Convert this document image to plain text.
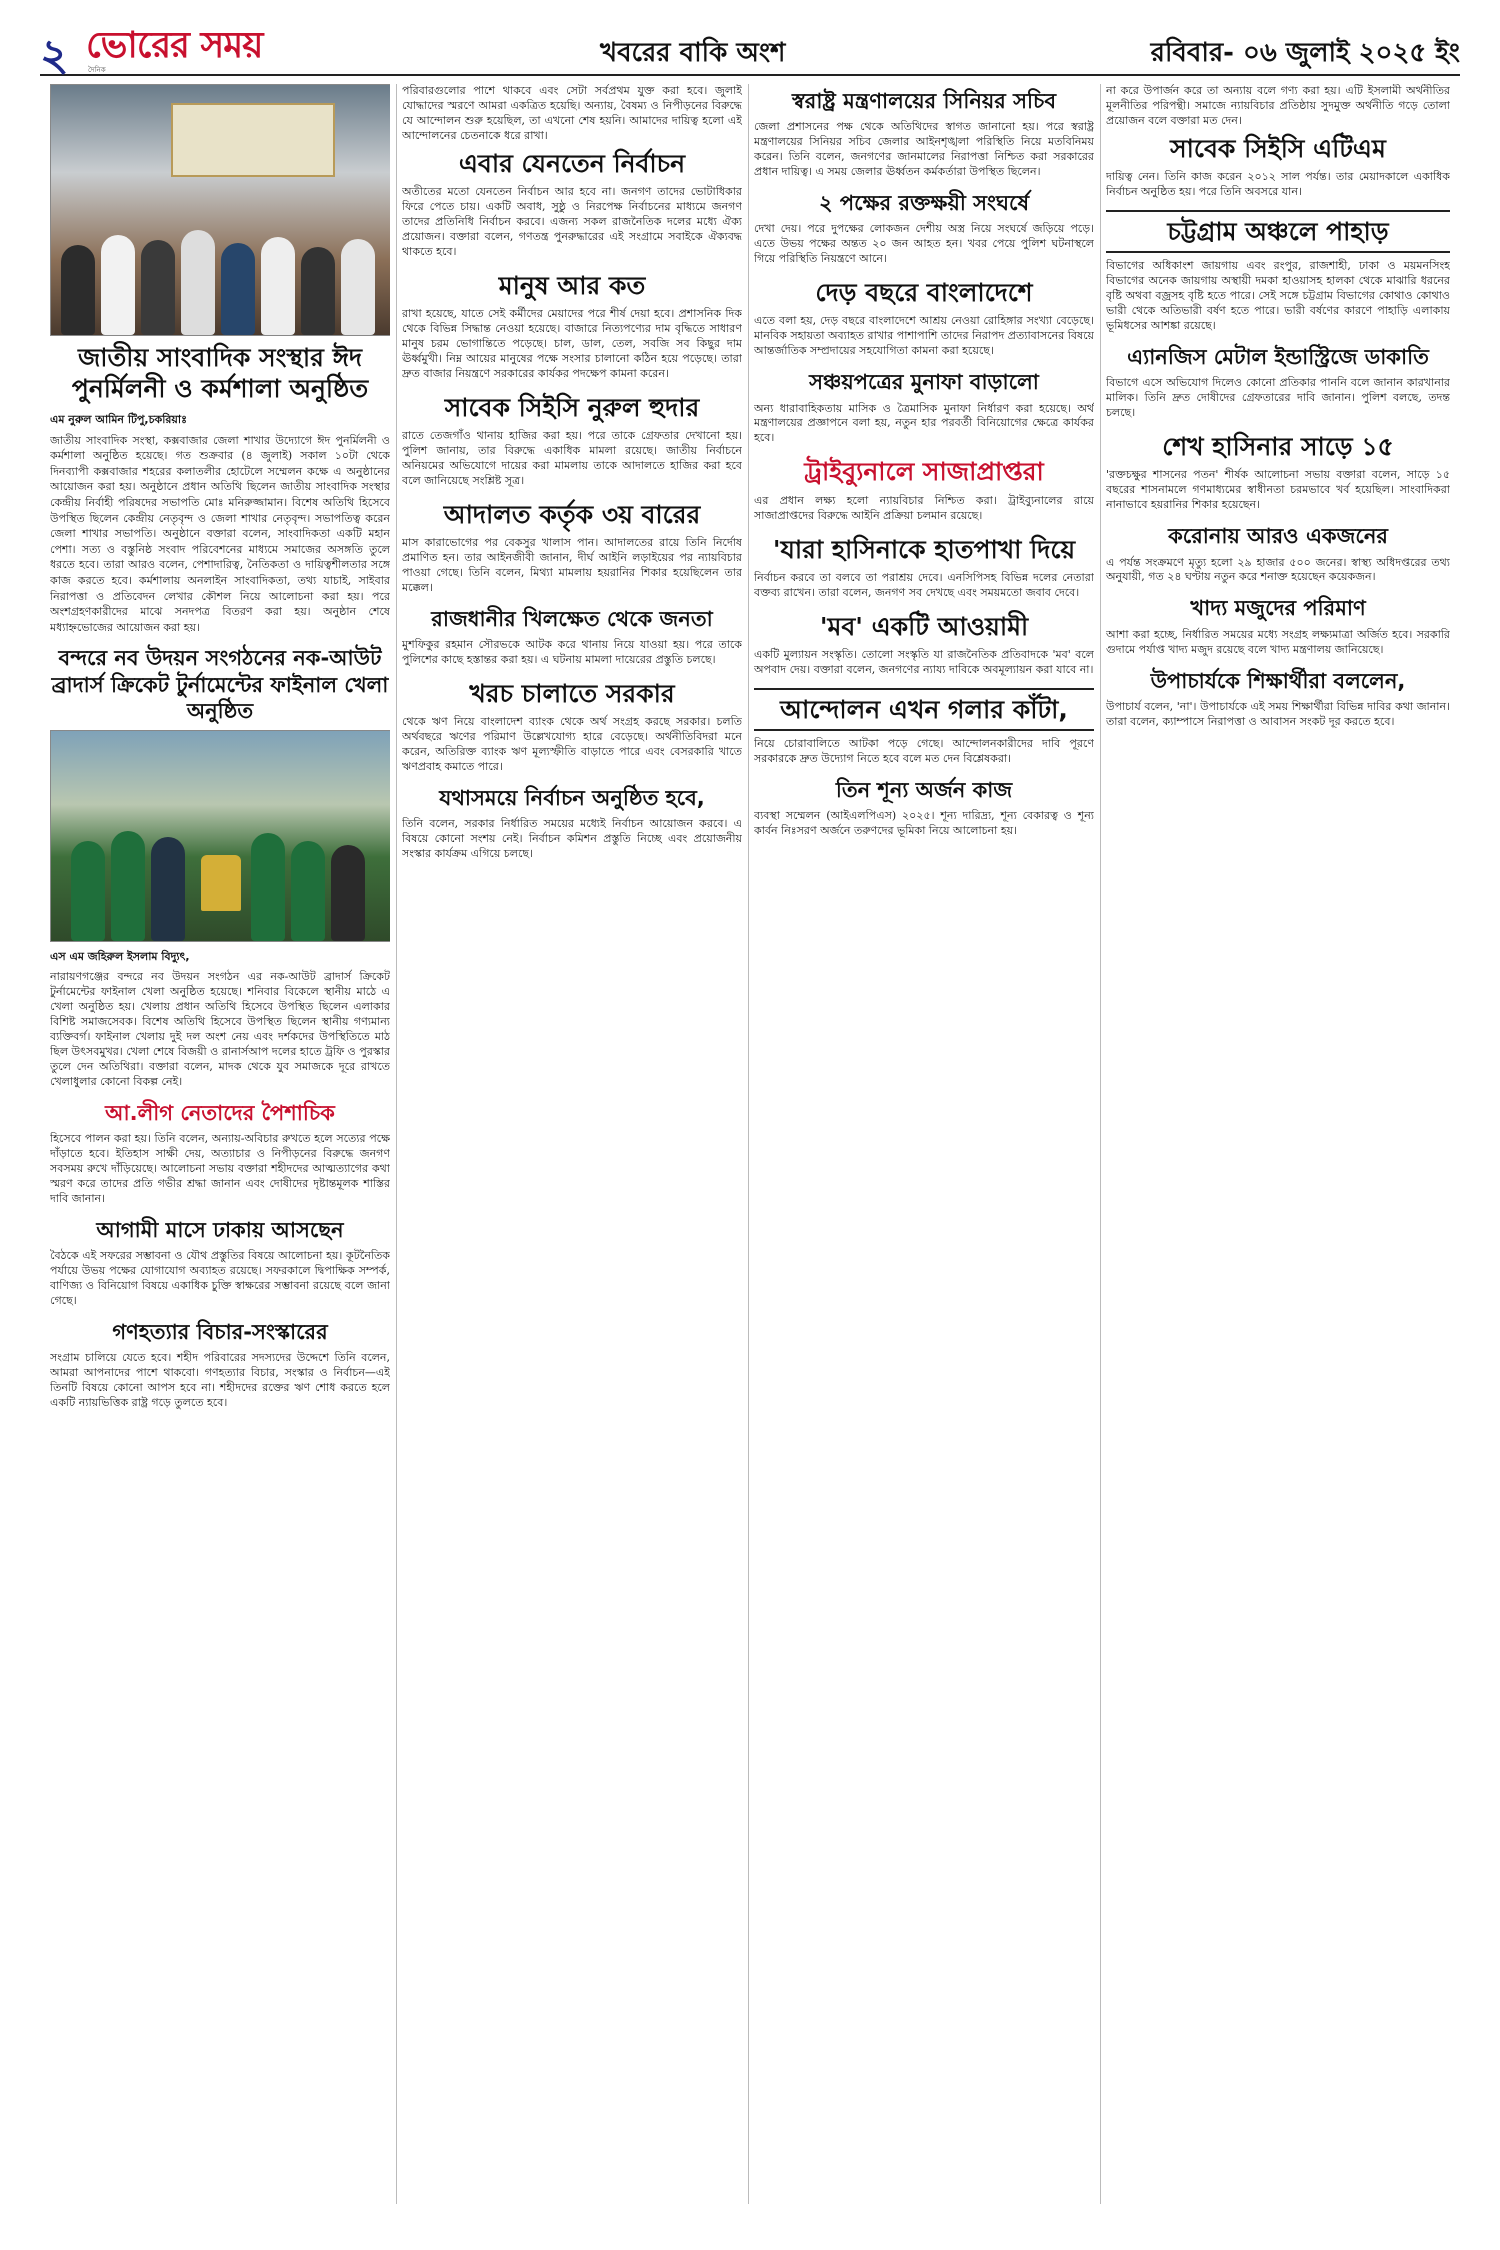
২ ভোরের সময়
দৈনিক
খবরের বাকি অংশ	রবিবার- ০৬ জুলাই ২০২৫ ইং
জাতীয় সাংবাদিক সংস্থার ঈদ পুনর্মিলনী ও কর্মশালা অনুষ্ঠিত
এম নুরুল আমিন টিপু,চকরিয়াঃ

জাতীয় সাংবাদিক সংস্থা, কক্সবাজার জেলা শাখার উদ্যোগে ঈদ পুনর্মিলনী ও কর্মশালা অনুষ্ঠিত হয়েছে। গত শুক্রবার (৪ জুলাই) সকাল ১০টা থেকে দিনব্যাপী কক্সবাজার শহরের কলাতলীর হোটেলে সম্মেলন কক্ষে এ অনুষ্ঠানের আয়োজন করা হয়। অনুষ্ঠানে প্রধান অতিথি ছিলেন জাতীয় সাংবাদিক সংস্থার কেন্দ্রীয় নির্বাহী পরিষদের সভাপতি মোঃ মনিরুজ্জামান। বিশেষ অতিথি হিসেবে উপস্থিত ছিলেন কেন্দ্রীয় নেতৃবৃন্দ ও জেলা শাখার নেতৃবৃন্দ। সভাপতিত্ব করেন জেলা শাখার সভাপতি। অনুষ্ঠানে বক্তারা বলেন, সাংবাদিকতা একটি মহান পেশা। সত্য ও বস্তুনিষ্ঠ সংবাদ পরিবেশনের মাধ্যমে সমাজের অসঙ্গতি তুলে ধরতে হবে। তারা আরও বলেন, পেশাদারিত্ব, নৈতিকতা ও দায়িত্বশীলতার সঙ্গে কাজ করতে হবে। কর্মশালায় অনলাইন সাংবাদিকতা, তথ্য যাচাই, সাইবার নিরাপত্তা ও প্রতিবেদন লেখার কৌশল নিয়ে আলোচনা করা হয়। পরে অংশগ্রহণকারীদের মাঝে সনদপত্র বিতরণ করা হয়। অনুষ্ঠান শেষে মধ্যাহ্নভোজের আয়োজন করা হয়।

বন্দরে নব উদয়ন সংগঠনের নক-আউট ব্রাদার্স ক্রিকেট টুর্নামেন্টের ফাইনাল খেলা অনুষ্ঠিত
এস এম জহিরুল ইসলাম বিদ্যুৎ,

নারায়ণগঞ্জের বন্দরে নব উদয়ন সংগঠন এর নক-আউট ব্রাদার্স ক্রিকেট টুর্নামেন্টের ফাইনাল খেলা অনুষ্ঠিত হয়েছে। শনিবার বিকেলে স্থানীয় মাঠে এ খেলা অনুষ্ঠিত হয়। খেলায় প্রধান অতিথি হিসেবে উপস্থিত ছিলেন এলাকার বিশিষ্ট সমাজসেবক। বিশেষ অতিথি হিসেবে উপস্থিত ছিলেন স্থানীয় গণ্যমান্য ব্যক্তিবর্গ। ফাইনাল খেলায় দুই দল অংশ নেয় এবং দর্শকদের উপস্থিতিতে মাঠ ছিল উৎসবমুখর। খেলা শেষে বিজয়ী ও রানার্সআপ দলের হাতে ট্রফি ও পুরস্কার তুলে দেন অতিথিরা। বক্তারা বলেন, মাদক থেকে যুব সমাজকে দূরে রাখতে খেলাধুলার কোনো বিকল্প নেই।

আ.লীগ নেতাদের পৈশাচিক

হিসেবে পালন করা হয়। তিনি বলেন, অন্যায়-অবিচার রুখতে হলে সত্যের পক্ষে দাঁড়াতে হবে। ইতিহাস সাক্ষী দেয়, অত্যাচার ও নিপীড়নের বিরুদ্ধে জনগণ সবসময় রুখে দাঁড়িয়েছে। আলোচনা সভায় বক্তারা শহীদদের আত্মত্যাগের কথা স্মরণ করে তাদের প্রতি গভীর শ্রদ্ধা জানান এবং দোষীদের দৃষ্টান্তমূলক শাস্তির দাবি জানান।

আগামী মাসে ঢাকায় আসছেন

বৈঠকে এই সফরের সম্ভাবনা ও যৌথ প্রস্তুতির বিষয়ে আলোচনা হয়। কূটনৈতিক পর্যায়ে উভয় পক্ষের যোগাযোগ অব্যাহত রয়েছে। সফরকালে দ্বিপাক্ষিক সম্পর্ক, বাণিজ্য ও বিনিয়োগ বিষয়ে একাধিক চুক্তি স্বাক্ষরের সম্ভাবনা রয়েছে বলে জানা গেছে।

গণহত্যার বিচার-সংস্কারের

সংগ্রাম চালিয়ে যেতে হবে। শহীদ পরিবারের সদস্যদের উদ্দেশে তিনি বলেন, আমরা আপনাদের পাশে থাকবো। গণহত্যার বিচার, সংস্কার ও নির্বাচন—এই তিনটি বিষয়ে কোনো আপস হবে না। শহীদদের রক্তের ঋণ শোধ করতে হলে একটি ন্যায়ভিত্তিক রাষ্ট্র গড়ে তুলতে হবে।

পরিবারগুলোর পাশে থাকবে এবং সেটা সর্বপ্রথম যুক্ত করা হবে। জুলাই যোদ্ধাদের স্মরণে আমরা একত্রিত হয়েছি। অন্যায়, বৈষম্য ও নিপীড়নের বিরুদ্ধে যে আন্দোলন শুরু হয়েছিল, তা এখনো শেষ হয়নি। আমাদের দায়িত্ব হলো এই আন্দোলনের চেতনাকে ধরে রাখা।

এবার যেনতেন নির্বাচন

অতীতের মতো যেনতেন নির্বাচন আর হবে না। জনগণ তাদের ভোটাধিকার ফিরে পেতে চায়। একটি অবাধ, সুষ্ঠু ও নিরপেক্ষ নির্বাচনের মাধ্যমে জনগণ তাদের প্রতিনিধি নির্বাচন করবে। এজন্য সকল রাজনৈতিক দলের মধ্যে ঐক্য প্রয়োজন। বক্তারা বলেন, গণতন্ত্র পুনরুদ্ধারের এই সংগ্রামে সবাইকে ঐক্যবদ্ধ থাকতে হবে।

মানুষ আর কত

রাখা হয়েছে, যাতে সেই কর্মীদের মেয়াদের পরে শীর্ষ দেয়া হবে। প্রশাসনিক দিক থেকে বিভিন্ন সিদ্ধান্ত নেওয়া হয়েছে। বাজারে নিত্যপণ্যের দাম বৃদ্ধিতে সাধারণ মানুষ চরম ভোগান্তিতে পড়েছে। চাল, ডাল, তেল, সবজি সব কিছুর দাম ঊর্ধ্বমুখী। নিম্ন আয়ের মানুষের পক্ষে সংসার চালানো কঠিন হয়ে পড়েছে। তারা দ্রুত বাজার নিয়ন্ত্রণে সরকারের কার্যকর পদক্ষেপ কামনা করেন।

সাবেক সিইসি নুরুল হুদার

রাতে তেজগাঁও থানায় হাজির করা হয়। পরে তাকে গ্রেফতার দেখানো হয়। পুলিশ জানায়, তার বিরুদ্ধে একাধিক মামলা রয়েছে। জাতীয় নির্বাচনে অনিয়মের অভিযোগে দায়ের করা মামলায় তাকে আদালতে হাজির করা হবে বলে জানিয়েছে সংশ্লিষ্ট সূত্র।

আদালত কর্তৃক ৩য় বারের

মাস কারাভোগের পর বেকসুর খালাস পান। আদালতের রায়ে তিনি নির্দোষ প্রমাণিত হন। তার আইনজীবী জানান, দীর্ঘ আইনি লড়াইয়ের পর ন্যায়বিচার পাওয়া গেছে। তিনি বলেন, মিথ্যা মামলায় হয়রানির শিকার হয়েছিলেন তার মক্কেল।

রাজধানীর খিলক্ষেত থেকে জনতা

মুশফিকুর রহমান সৌরভকে আটক করে থানায় নিয়ে যাওয়া হয়। পরে তাকে পুলিশের কাছে হস্তান্তর করা হয়। এ ঘটনায় মামলা দায়েরের প্রস্তুতি চলছে।

খরচ চালাতে সরকার

থেকে ঋণ নিয়ে বাংলাদেশ ব্যাংক থেকে অর্থ সংগ্রহ করছে সরকার। চলতি অর্থবছরে ঋণের পরিমাণ উল্লেখযোগ্য হারে বেড়েছে। অর্থনীতিবিদরা মনে করেন, অতিরিক্ত ব্যাংক ঋণ মূল্যস্ফীতি বাড়াতে পারে এবং বেসরকারি খাতে ঋণপ্রবাহ কমাতে পারে।

যথাসময়ে নির্বাচন অনুষ্ঠিত হবে,

তিনি বলেন, সরকার নির্ধারিত সময়ের মধ্যেই নির্বাচন আয়োজন করবে। এ বিষয়ে কোনো সংশয় নেই। নির্বাচন কমিশন প্রস্তুতি নিচ্ছে এবং প্রয়োজনীয় সংস্কার কার্যক্রম এগিয়ে চলছে।

স্বরাষ্ট্র মন্ত্রণালয়ের সিনিয়র সচিব

জেলা প্রশাসনের পক্ষ থেকে অতিথিদের স্বাগত জানানো হয়। পরে স্বরাষ্ট্র মন্ত্রণালয়ের সিনিয়র সচিব জেলার আইনশৃঙ্খলা পরিস্থিতি নিয়ে মতবিনিময় করেন। তিনি বলেন, জনগণের জানমালের নিরাপত্তা নিশ্চিত করা সরকারের প্রধান দায়িত্ব। এ সময় জেলার ঊর্ধ্বতন কর্মকর্তারা উপস্থিত ছিলেন।

২ পক্ষের রক্তক্ষয়ী সংঘর্ষে

দেখা দেয়। পরে দুপক্ষের লোকজন দেশীয় অস্ত্র নিয়ে সংঘর্ষে জড়িয়ে পড়ে। এতে উভয় পক্ষের অন্তত ২০ জন আহত হন। খবর পেয়ে পুলিশ ঘটনাস্থলে গিয়ে পরিস্থিতি নিয়ন্ত্রণে আনে।

দেড় বছরে বাংলাদেশে

এতে বলা হয়, দেড় বছরে বাংলাদেশে আশ্রয় নেওয়া রোহিঙ্গার সংখ্যা বেড়েছে। মানবিক সহায়তা অব্যাহত রাখার পাশাপাশি তাদের নিরাপদ প্রত্যাবাসনের বিষয়ে আন্তর্জাতিক সম্প্রদায়ের সহযোগিতা কামনা করা হয়েছে।

সঞ্চয়পত্রের মুনাফা বাড়ালো

অন্য ধারাবাহিকতায় মাসিক ও ত্রৈমাসিক মুনাফা নির্ধারণ করা হয়েছে। অর্থ মন্ত্রণালয়ের প্রজ্ঞাপনে বলা হয়, নতুন হার পরবর্তী বিনিয়োগের ক্ষেত্রে কার্যকর হবে।

ট্রাইব্যুনালে সাজাপ্রাপ্তরা

এর প্রধান লক্ষ্য হলো ন্যায়বিচার নিশ্চিত করা। ট্রাইব্যুনালের রায়ে সাজাপ্রাপ্তদের বিরুদ্ধে আইনি প্রক্রিয়া চলমান রয়েছে।

'যারা হাসিনাকে হাতপাখা দিয়ে

নির্বাচন করবে তা বলবে তা পরাশ্রয় দেবে। এনসিপিসহ বিভিন্ন দলের নেতারা বক্তব্য রাখেন। তারা বলেন, জনগণ সব দেখছে এবং সময়মতো জবাব দেবে।

'মব' একটি আওয়ামী

একটি মুল্যায়ন সংস্কৃতি। তোলো সংস্কৃতি যা রাজনৈতিক প্রতিবাদকে 'মব' বলে অপবাদ দেয়। বক্তারা বলেন, জনগণের ন্যায্য দাবিকে অবমূল্যায়ন করা যাবে না।

আন্দোলন এখন গলার কাঁটা,

নিয়ে চোরাবালিতে আটকা পড়ে গেছে। আন্দোলনকারীদের দাবি পূরণে সরকারকে দ্রুত উদ্যোগ নিতে হবে বলে মত দেন বিশ্লেষকরা।

তিন শূন্য অর্জন কাজ

ব্যবস্থা সম্মেলন (আইএলপিএস) ২০২৫। শূন্য দারিদ্র্য, শূন্য বেকারত্ব ও শূন্য কার্বন নিঃসরণ অর্জনে তরুণদের ভূমিকা নিয়ে আলোচনা হয়।

না করে উপার্জন করে তা অন্যায় বলে গণ্য করা হয়। এটি ইসলামী অর্থনীতির মূলনীতির পরিপন্থী। সমাজে ন্যায়বিচার প্রতিষ্ঠায় সুদমুক্ত অর্থনীতি গড়ে তোলা প্রয়োজন বলে বক্তারা মত দেন।

সাবেক সিইসি এটিএম

দায়িত্ব নেন। তিনি কাজ করেন ২০১২ সাল পর্যন্ত। তার মেয়াদকালে একাধিক নির্বাচন অনুষ্ঠিত হয়। পরে তিনি অবসরে যান।

চট্টগ্রাম অঞ্চলে পাহাড়

বিভাগের অধিকাংশ জায়গায় এবং রংপুর, রাজশাহী, ঢাকা ও ময়মনসিংহ বিভাগের অনেক জায়গায় অস্থায়ী দমকা হাওয়াসহ হালকা থেকে মাঝারি ধরনের বৃষ্টি অথবা বজ্রসহ বৃষ্টি হতে পারে। সেই সঙ্গে চট্টগ্রাম বিভাগের কোথাও কোথাও ভারী থেকে অতিভারী বর্ষণ হতে পারে। ভারী বর্ষণের কারণে পাহাড়ি এলাকায় ভূমিধসের আশঙ্কা রয়েছে।

এ্যানজিস মেটাল ইন্ডাস্ট্রিজে ডাকাতি

বিভাগে এসে অভিযোগ দিলেও কোনো প্রতিকার পাননি বলে জানান কারখানার মালিক। তিনি দ্রুত দোষীদের গ্রেফতারের দাবি জানান। পুলিশ বলছে, তদন্ত চলছে।

শেখ হাসিনার সাড়ে ১৫

'রক্তচক্ষুর শাসনের পতন' শীর্ষক আলোচনা সভায় বক্তারা বলেন, সাড়ে ১৫ বছরের শাসনামলে গণমাধ্যমের স্বাধীনতা চরমভাবে খর্ব হয়েছিল। সাংবাদিকরা নানাভাবে হয়রানির শিকার হয়েছেন।

করোনায় আরও একজনের

এ পর্যন্ত সংক্রমণে মৃত্যু হলো ২৯ হাজার ৫০০ জনের। স্বাস্থ্য অধিদপ্তরের তথ্য অনুযায়ী, গত ২৪ ঘণ্টায় নতুন করে শনাক্ত হয়েছেন কয়েকজন।

খাদ্য মজুদের পরিমাণ

আশা করা হচ্ছে, নির্ধারিত সময়ের মধ্যে সংগ্রহ লক্ষ্যমাত্রা অর্জিত হবে। সরকারি গুদামে পর্যাপ্ত খাদ্য মজুদ রয়েছে বলে খাদ্য মন্ত্রণালয় জানিয়েছে।

উপাচার্যকে শিক্ষার্থীরা বললেন,

উপাচার্য বলেন, 'না'। উপাচার্যকে এই সময় শিক্ষার্থীরা বিভিন্ন দাবির কথা জানান। তারা বলেন, ক্যাম্পাসে নিরাপত্তা ও আবাসন সংকট দূর করতে হবে।
